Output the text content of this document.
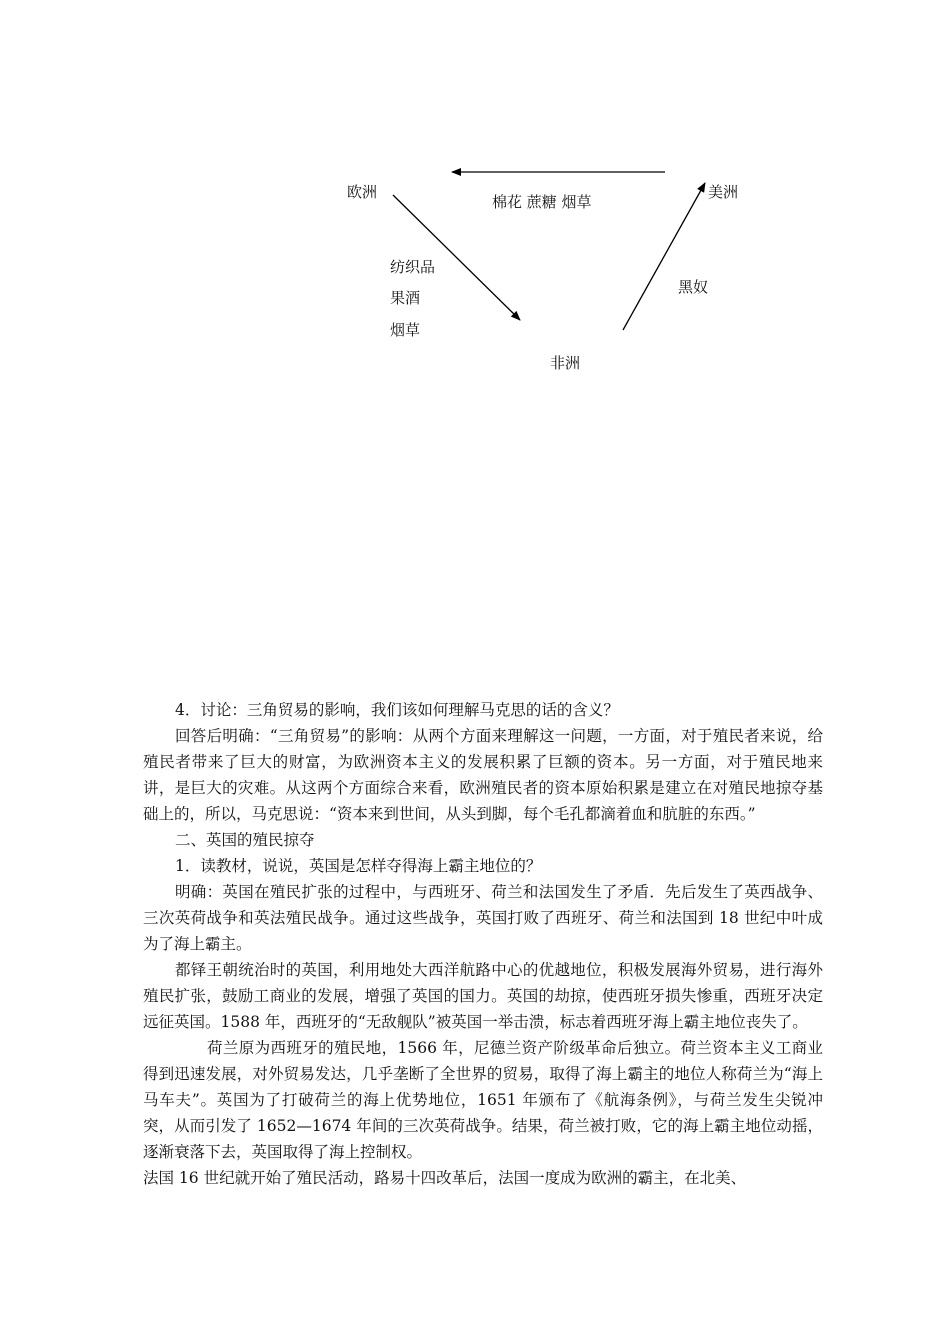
欧洲	美洲
非洲
棉花 蔗糖 烟草
纺织品
果酒
烟草
黑奴

4．讨论：三角贸易的影响，我们该如何理解马克思的话的含义？

回答后明确：“三角贸易”的影响：从两个方面来理解这一问题，一方面，对于殖民者来说，给殖民者带来了巨大的财富，为欧洲资本主义的发展积累了巨额的资本。另一方面，对于殖民地来讲，是巨大的灾难。从这两个方面综合来看，欧洲殖民者的资本原始积累是建立在对殖民地掠夺基础上的，所以，马克思说：“资本来到世间，从头到脚，每个毛孔都滴着血和肮脏的东西。”

二、英国的殖民掠夺

1．读教材，说说，英国是怎样夺得海上霸主地位的？

明确：英国在殖民扩张的过程中，与西班牙、荷兰和法国发生了矛盾．先后发生了英西战争、三次英荷战争和英法殖民战争。通过这些战争，英国打败了西班牙、荷兰和法国到 18 世纪中叶成为了海上霸主。

都铎王朝统治时的英国，利用地处大西洋航路中心的优越地位，积极发展海外贸易，进行海外殖民扩张，鼓励工商业的发展，增强了英国的国力。英国的劫掠，使西班牙损失惨重，西班牙决定远征英国。1588 年，西班牙的“无敌舰队”被英国一举击溃，标志着西班牙海上霸主地位丧失了。

荷兰原为西班牙的殖民地，1566 年，尼德兰资产阶级革命后独立。荷兰资本主义工商业得到迅速发展，对外贸易发达，几乎垄断了全世界的贸易，取得了海上霸主的地位人称荷兰为“海上马车夫”。英国为了打破荷兰的海上优势地位，1651 年颁布了《航海条例》，与荷兰发生尖锐冲突，从而引发了 1652—1674 年间的三次英荷战争。结果，荷兰被打败，它的海上霸主地位动摇，逐渐衰落下去，英国取得了海上控制权。

法国 16 世纪就开始了殖民活动，路易十四改革后，法国一度成为欧洲的霸主，在北美、
